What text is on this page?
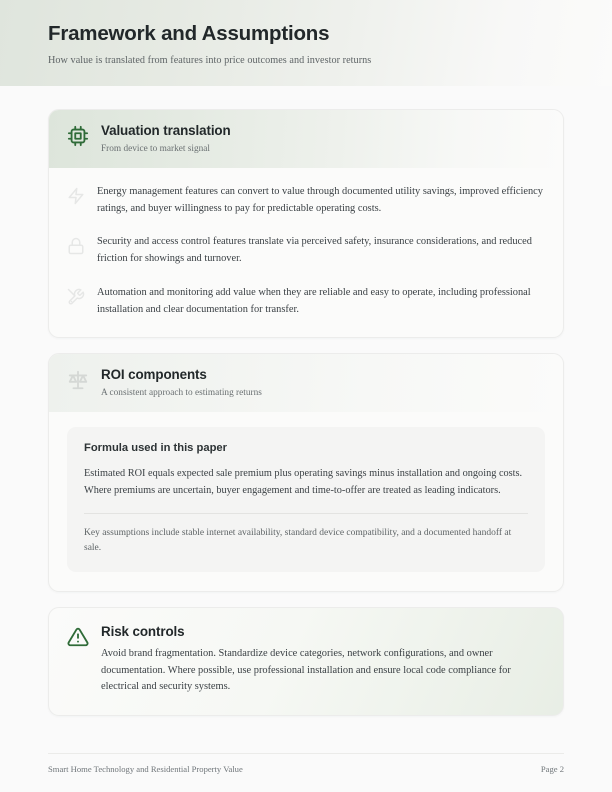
Framework and Assumptions
How value is translated from features into price outcomes and investor returns
Valuation translation
From device to market signal
Energy management features can convert to value through documented utility savings, improved efficiency ratings, and buyer willingness to pay for predictable operating costs.
Security and access control features translate via perceived safety, insurance considerations, and reduced friction for showings and turnover.
Automation and monitoring add value when they are reliable and easy to operate, including professional installation and clear documentation for transfer.
ROI components
A consistent approach to estimating returns
Formula used in this paper
Estimated ROI equals expected sale premium plus operating savings minus installation and ongoing costs. Where premiums are uncertain, buyer engagement and time-to-offer are treated as leading indicators.
Key assumptions include stable internet availability, standard device compatibility, and a documented handoff at sale.
Risk controls
Avoid brand fragmentation. Standardize device categories, network configurations, and owner documentation. Where possible, use professional installation and ensure local code compliance for electrical and security systems.
Smart Home Technology and Residential Property Value	Page 2
